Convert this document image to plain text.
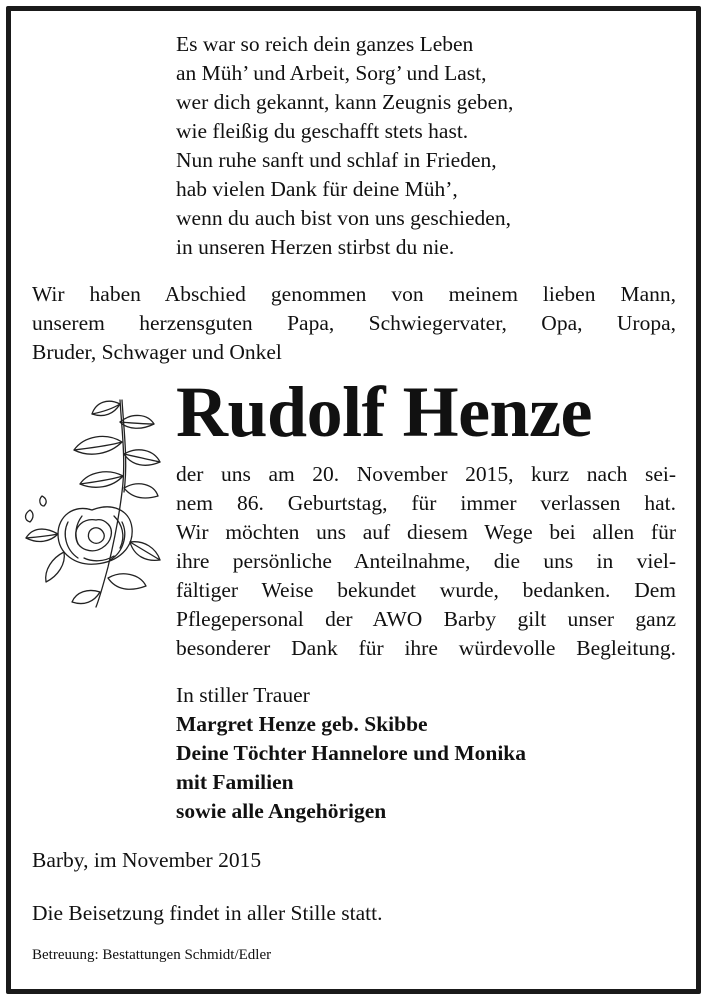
Es war so reich dein ganzes Leben
an Müh’ und Arbeit, Sorg’ und Last,
wer dich gekannt, kann Zeugnis geben,
wie fleißig du geschafft stets hast.
Nun ruhe sanft und schlaf in Frieden,
hab vielen Dank für deine Müh’,
wenn du auch bist von uns geschieden,
in unseren Herzen stirbst du nie.
Wir haben Abschied genommen von meinem lieben Mann,
unserem herzensguten Papa, Schwiegervater, Opa, Uropa,
Bruder, Schwager und Onkel
Rudolf Henze
der uns am 20. November 2015, kurz nach sei-
nem 86. Geburtstag, für immer verlassen hat.
Wir möchten uns auf diesem Wege bei allen für
ihre persönliche Anteilnahme, die uns in viel-
fältiger Weise bekundet wurde, bedanken. Dem
Pflegepersonal der AWO Barby gilt unser ganz
besonderer Dank für ihre würdevolle Begleitung.
In stiller Trauer
Margret Henze geb. Skibbe
Deine Töchter Hannelore und Monika
mit Familien
sowie alle Angehörigen
Barby, im November 2015
Die Beisetzung findet in aller Stille statt.
Betreuung: Bestattungen Schmidt/Edler
